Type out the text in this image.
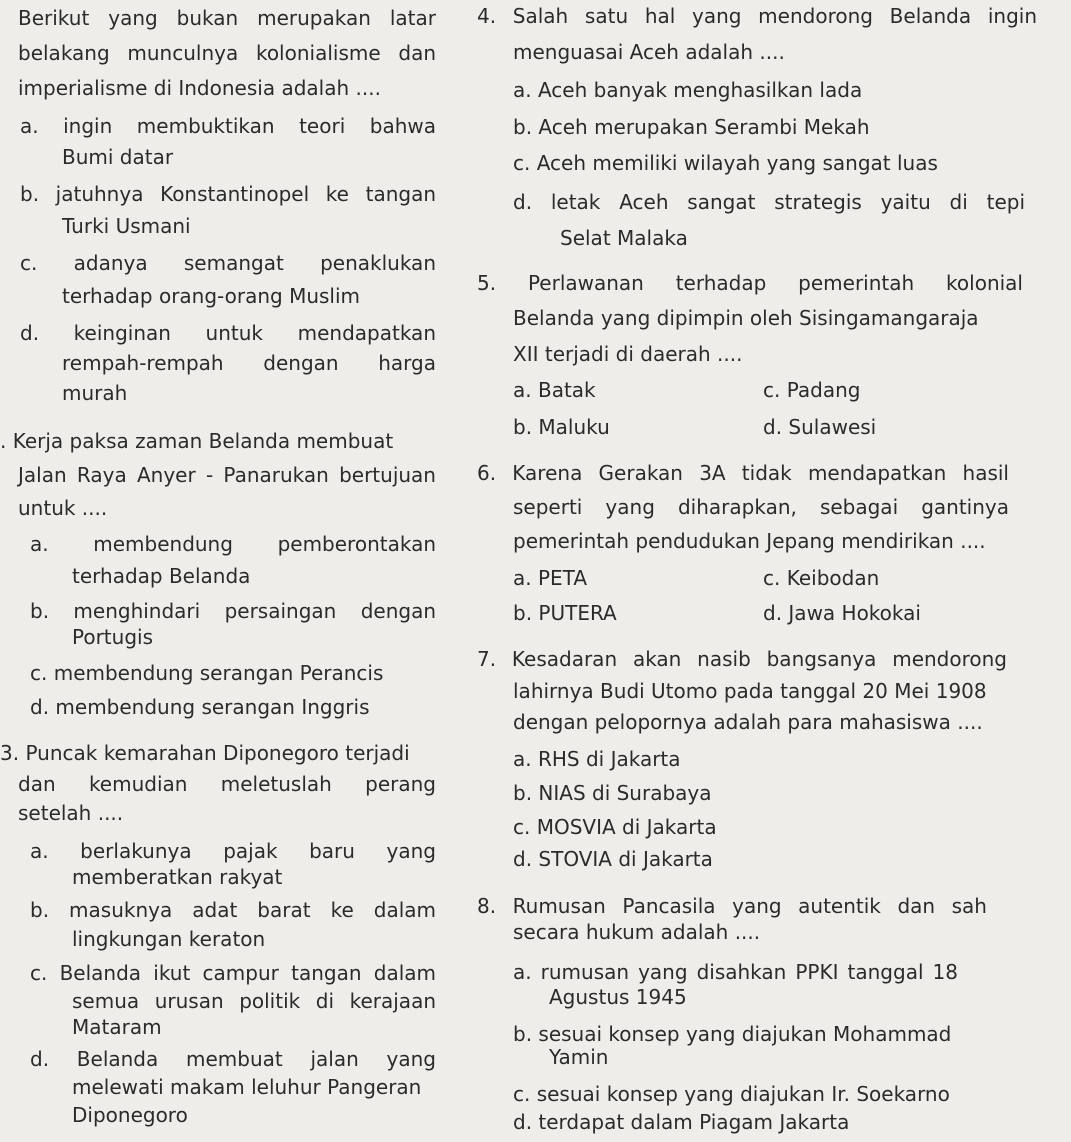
Berikut yang bukan merupakan latar
belakang munculnya kolonialisme dan
imperialisme di Indonesia adalah ....
a. ingin membuktikan teori bahwa
Bumi datar
b. jatuhnya Konstantinopel ke tangan
Turki Usmani
c. adanya semangat penaklukan
terhadap orang-orang Muslim
d. keinginan untuk mendapatkan
rempah-rempah dengan harga
murah
. Kerja paksa zaman Belanda membuat
Jalan Raya Anyer - Panarukan bertujuan
untuk ....
a. membendung pemberontakan
terhadap Belanda
b. menghindari persaingan dengan
Portugis
c. membendung serangan Perancis
d. membendung serangan Inggris
3. Puncak kemarahan Diponegoro terjadi
dan kemudian meletuslah perang
setelah ....
a. berlakunya pajak baru yang
memberatkan rakyat
b. masuknya adat barat ke dalam
lingkungan keraton
c. Belanda ikut campur tangan dalam
semua urusan politik di kerajaan
Mataram
d. Belanda membuat jalan yang
melewati makam leluhur Pangeran
Diponegoro
4. Salah satu hal yang mendorong Belanda ingin
menguasai Aceh adalah ....
a. Aceh banyak menghasilkan lada
b. Aceh merupakan Serambi Mekah
c. Aceh memiliki wilayah yang sangat luas
d. letak Aceh sangat strategis yaitu di tepi
Selat Malaka
5. Perlawanan terhadap pemerintah kolonial
Belanda yang dipimpin oleh Sisingamangaraja
XII terjadi di daerah ....
a. Batak	c. Padang
b. Maluku	d. Sulawesi
6. Karena Gerakan 3A tidak mendapatkan hasil
seperti yang diharapkan, sebagai gantinya
pemerintah pendudukan Jepang mendirikan ....
a. PETA	c. Keibodan
b. PUTERA	d. Jawa Hokokai
7. Kesadaran akan nasib bangsanya mendorong
lahirnya Budi Utomo pada tanggal 20 Mei 1908
dengan pelopornya adalah para mahasiswa ....
a. RHS di Jakarta
b. NIAS di Surabaya
c. MOSVIA di Jakarta
d. STOVIA di Jakarta
8. Rumusan Pancasila yang autentik dan sah
secara hukum adalah ....
a. rumusan yang disahkan PPKI tanggal 18
Agustus 1945
b. sesuai konsep yang diajukan Mohammad
Yamin
c. sesuai konsep yang diajukan Ir. Soekarno
d. terdapat dalam Piagam Jakarta
